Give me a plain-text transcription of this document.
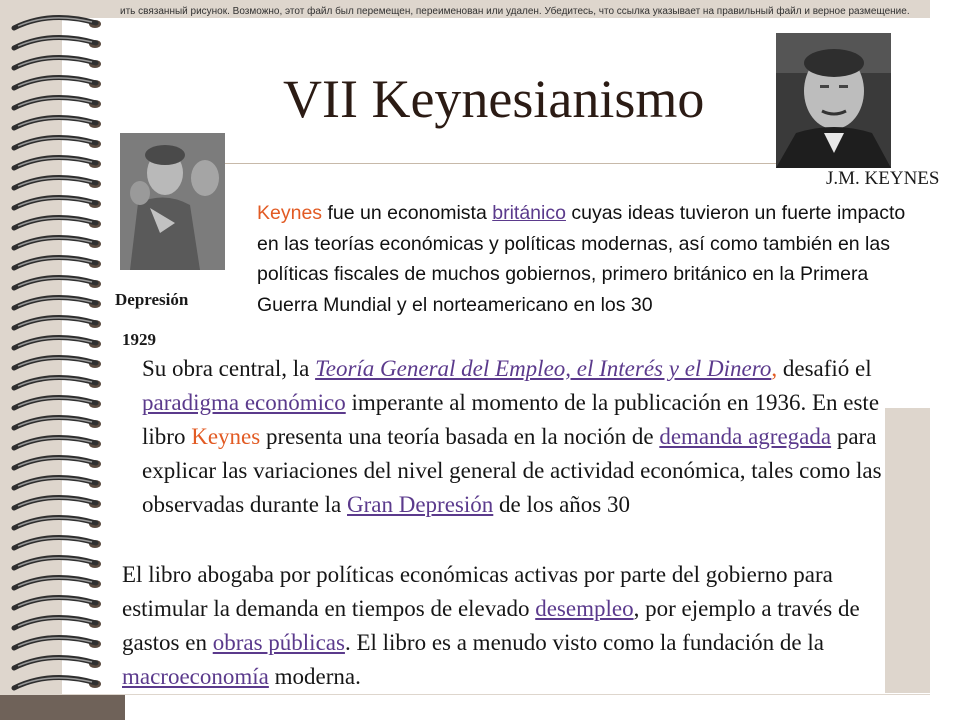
ить связанный рисунок. Возможно, этот файл был перемещен, переименован или удален. Убедитесь, что ссылка указывает на правильный файл и верное размещение.
VII Keynesianismo
J.M. KEYNES
Depresión
1929
Keynes fue un economista británico cuyas ideas tuvieron un fuerte impacto en las teorías económicas y políticas modernas, así como también en las políticas fiscales de muchos gobiernos, primero británico en la Primera Guerra Mundial y el norteamericano en los 30
Su obra central, la Teoría General del Empleo, el Interés y el Dinero, desafió el paradigma económico imperante al momento de la publicación en 1936. En este libro Keynes presenta una teoría basada en la noción de demanda agregada para explicar las variaciones del nivel general de actividad económica, tales como las observadas durante la Gran Depresión de los años 30
El libro abogaba por políticas económicas activas por parte del gobierno para estimular la demanda en tiempos de elevado desempleo, por ejemplo a través de gastos en obras públicas. El libro es a menudo visto como la fundación de la macroeconomía moderna.
